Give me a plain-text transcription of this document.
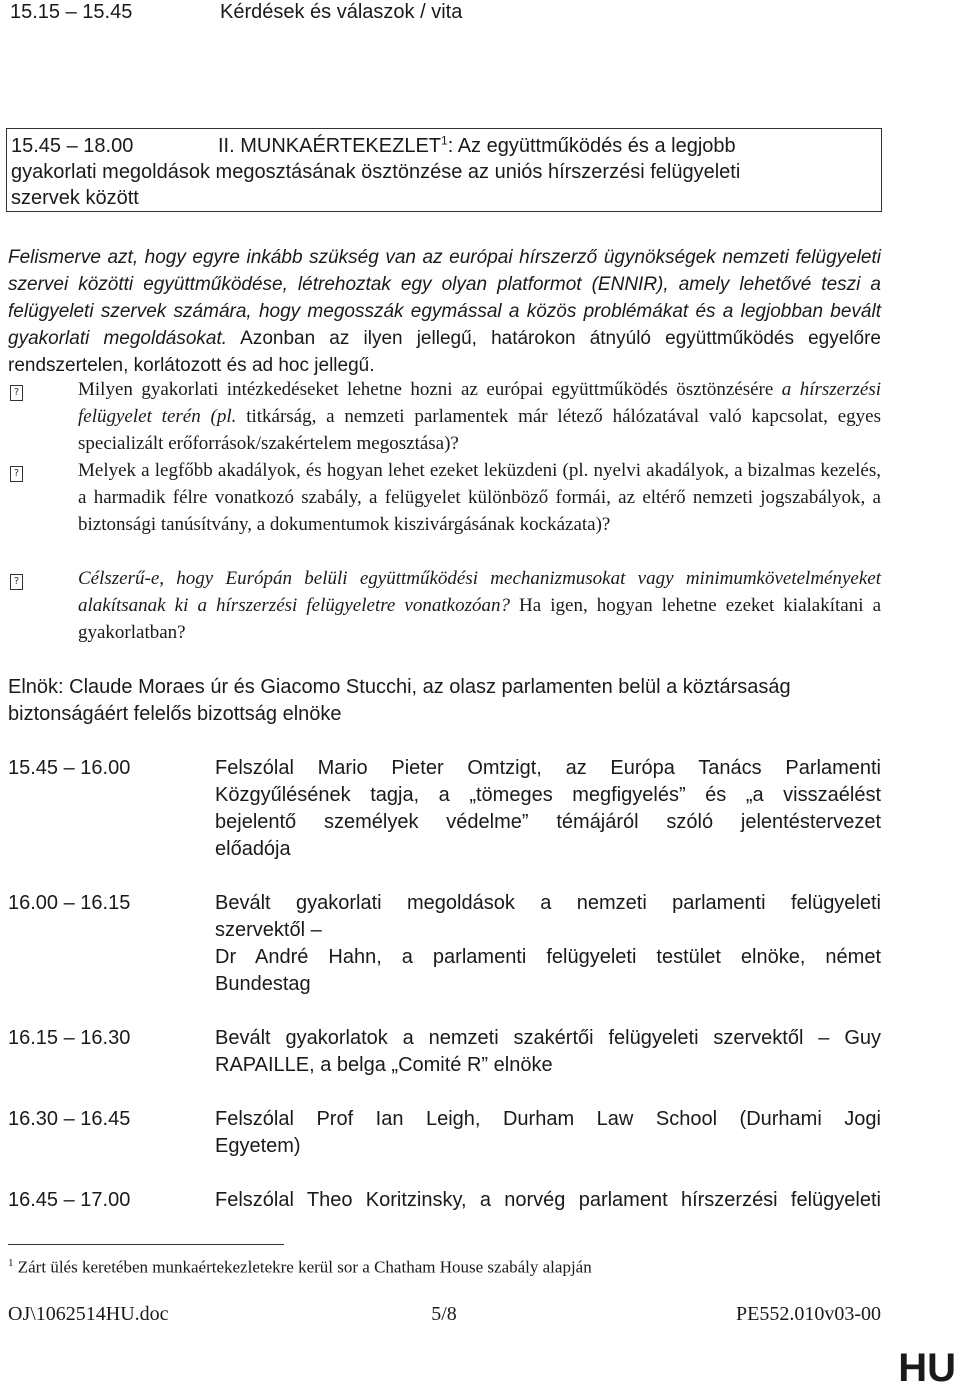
15.15 – 15.45	Kérdések és válaszok / vita
15.45 – 18.00	II. MUNKAÉRTEKEZLET$^1$: Az együttműködés és a legjobb
gyakorlati megoldások megosztásának ösztönzése az uniós hírszerzési felügyeleti
szervek között
Felismerve azt, hogy egyre inkább szükség van az európai hírszerző ügynökségek nemzeti felügyeleti szervei közötti együttműködése, létrehoztak egy olyan platformot (ENNIR), amely lehetővé teszi a felügyeleti szervek számára, hogy megosszák egymással a közös problémákat és a legjobban bevált gyakorlati megoldásokat. Azonban az ilyen jellegű, határokon átnyúló együttműködés egyelőre rendszertelen, korlátozott és ad hoc jellegű.
?	Milyen gyakorlati intézkedéseket lehetne hozni az európai együttműködés ösztönzésére a hírszerzési felügyelet terén (pl. titkárság, a nemzeti parlamentek már létező hálózatával való kapcsolat, egyes specializált erőforrások/szakértelem megosztása)?
?	Melyek a legfőbb akadályok, és hogyan lehet ezeket leküzdeni (pl. nyelvi akadályok, a bizalmas kezelés, a harmadik félre vonatkozó szabály, a felügyelet különböző formái, az eltérő nemzeti jogszabályok, a biztonsági tanúsítvány, a dokumentumok kiszivárgásának kockázata)?
?	Célszerű-e, hogy Európán belüli együttműködési mechanizmusokat vagy minimumkövetelményeket alakítsanak ki a hírszerzési felügyeletre vonatkozóan? Ha igen, hogyan lehetne ezeket kialakítani a gyakorlatban?
Elnök: Claude Moraes úr és Giacomo Stucchi, az olasz parlamenten belül a köztársaság biztonságáért felelős bizottság elnöke
15.45 – 16.00	Felszólal Mario Pieter Omtzigt, az Európa Tanács Parlamenti
Közgyűlésének tagja, a „tömeges megfigyelés” és „a visszaélést
bejelentő személyek védelme” témájáról szóló jelentéstervezet
előadója
16.00 – 16.15	Bevált gyakorlati megoldások a nemzeti parlamenti felügyeleti
szervektől –
Dr André Hahn, a parlamenti felügyeleti testület elnöke, német
Bundestag
16.15 – 16.30	Bevált gyakorlatok a nemzeti szakértői felügyeleti szervektől – Guy
RAPAILLE, a belga „Comité R” elnöke
16.30 – 16.45	Felszólal Prof Ian Leigh, Durham Law School (Durhami Jogi
Egyetem)
16.45 – 17.00	Felszólal Theo Koritzinsky, a norvég parlament hírszerzési felügyeleti
$^1$ Zárt ülés keretében munkaértekezletekre kerül sor a Chatham House szabály alapján
OJ\1062514HU.doc	5/8	PE552.010v03-00
HU
